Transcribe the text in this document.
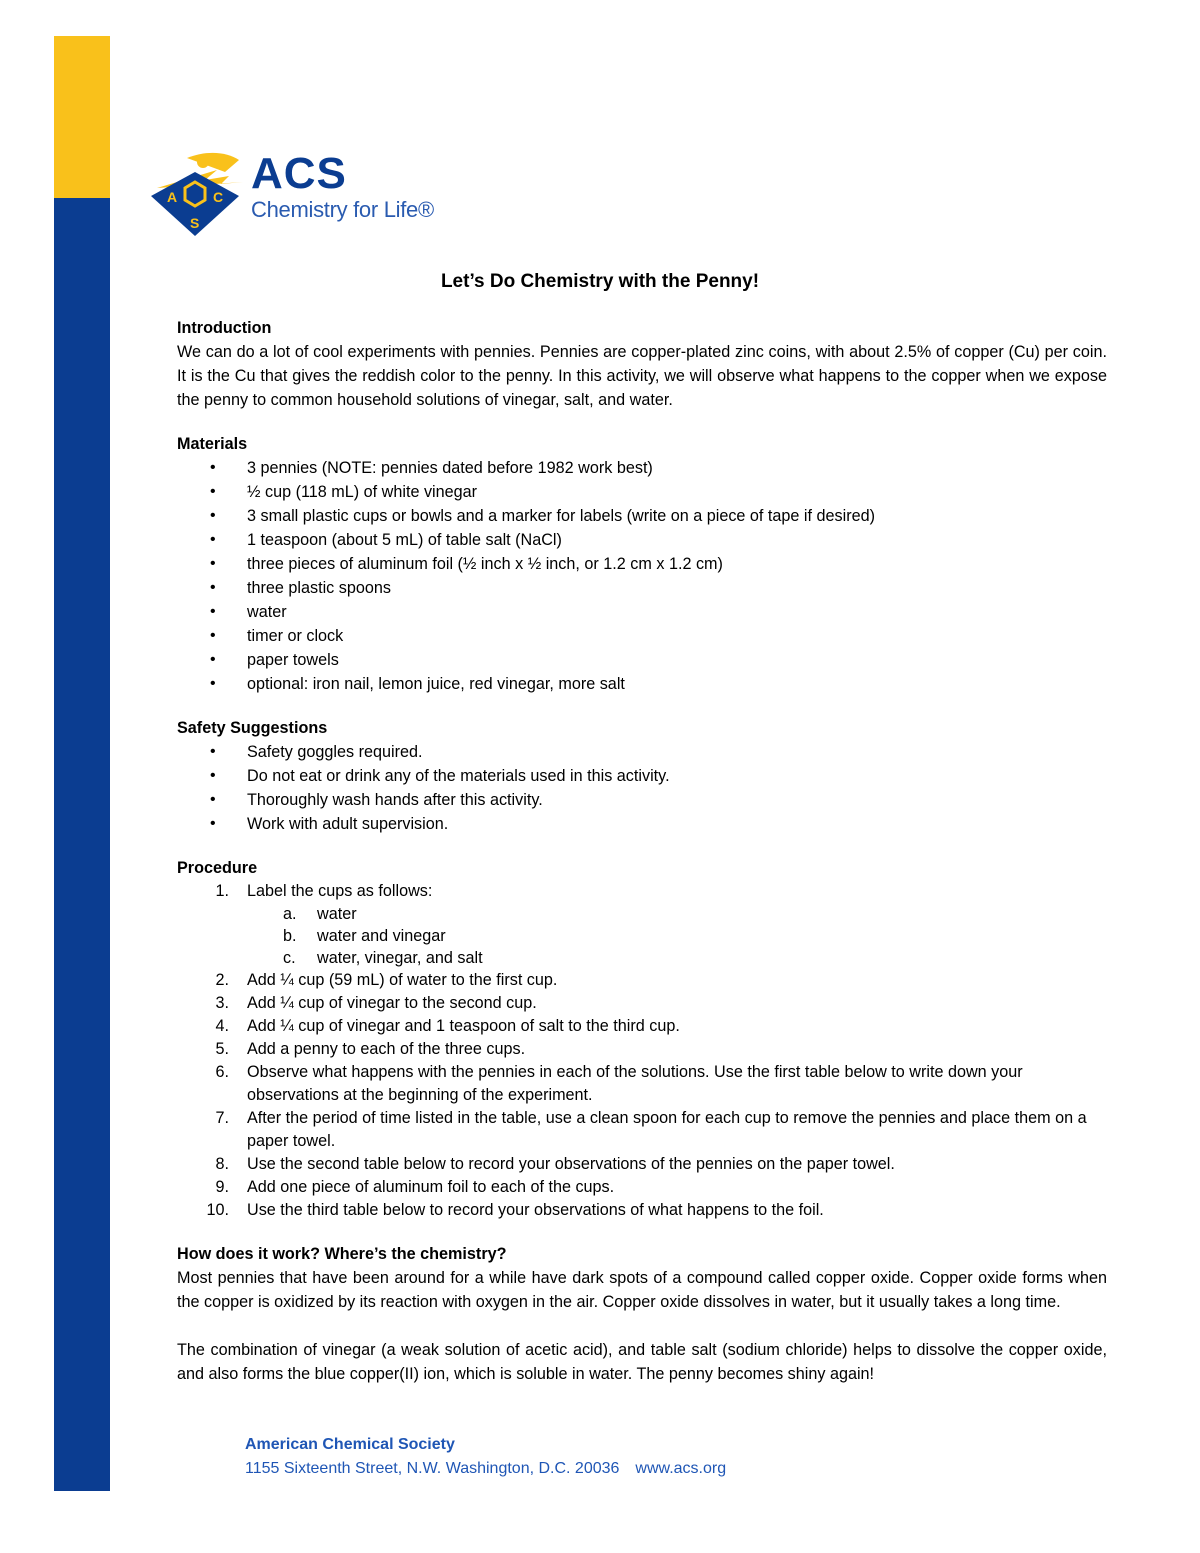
A	C
S
ACS
Chemistry for Life®
Let’s Do Chemistry with the Penny!
Introduction

We can do a lot of cool experiments with pennies. Pennies are copper-plated zinc coins, with about 2.5% of copper (Cu) per coin. It is the Cu that gives the reddish color to the penny. In this activity, we will observe what happens to the copper when we expose the penny to common household solutions of vinegar, salt, and water.

Materials
• 3 pennies (NOTE: pennies dated before 1982 work best)
• ½ cup (118 mL) of white vinegar
• 3 small plastic cups or bowls and a marker for labels (write on a piece of tape if desired)
• 1 teaspoon (about 5 mL) of table salt (NaCl)
• three pieces of aluminum foil (½ inch x ½ inch, or 1.2 cm x 1.2 cm)
• three plastic spoons
• water
• timer or clock
• paper towels
• optional: iron nail, lemon juice, red vinegar, more salt
Safety Suggestions
• Safety goggles required.
• Do not eat or drink any of the materials used in this activity.
• Thoroughly wash hands after this activity.
• Work with adult supervision.
Procedure
1. Label the cups as follows:
a.	water
b.	water and vinegar
c.	water, vinegar, and salt
2. Add ¼ cup (59 mL) of water to the first cup.
3. Add ¼ cup of vinegar to the second cup.
4. Add ¼ cup of vinegar and 1 teaspoon of salt to the third cup.
5. Add a penny to each of the three cups.
6. Observe what happens with the pennies in each of the solutions. Use the first table below to write down your observations at the beginning of the experiment.
7. After the period of time listed in the table, use a clean spoon for each cup to remove the pennies and place them on a paper towel.
8. Use the second table below to record your observations of the pennies on the paper towel.
9. Add one piece of aluminum foil to each of the cups.
10. Use the third table below to record your observations of what happens to the foil.
How does it work? Where’s the chemistry?

Most pennies that have been around for a while have dark spots of a compound called copper oxide. Copper oxide forms when the copper is oxidized by its reaction with oxygen in the air. Copper oxide dissolves in water, but it usually takes a long time.

The combination of vinegar (a weak solution of acetic acid), and table salt (sodium chloride) helps to dissolve the copper oxide, and also forms the blue copper(II) ion, which is soluble in water. The penny becomes shiny again!

American Chemical Society
1155 Sixteenth Street, N.W. Washington, D.C. 20036 www.acs.org
